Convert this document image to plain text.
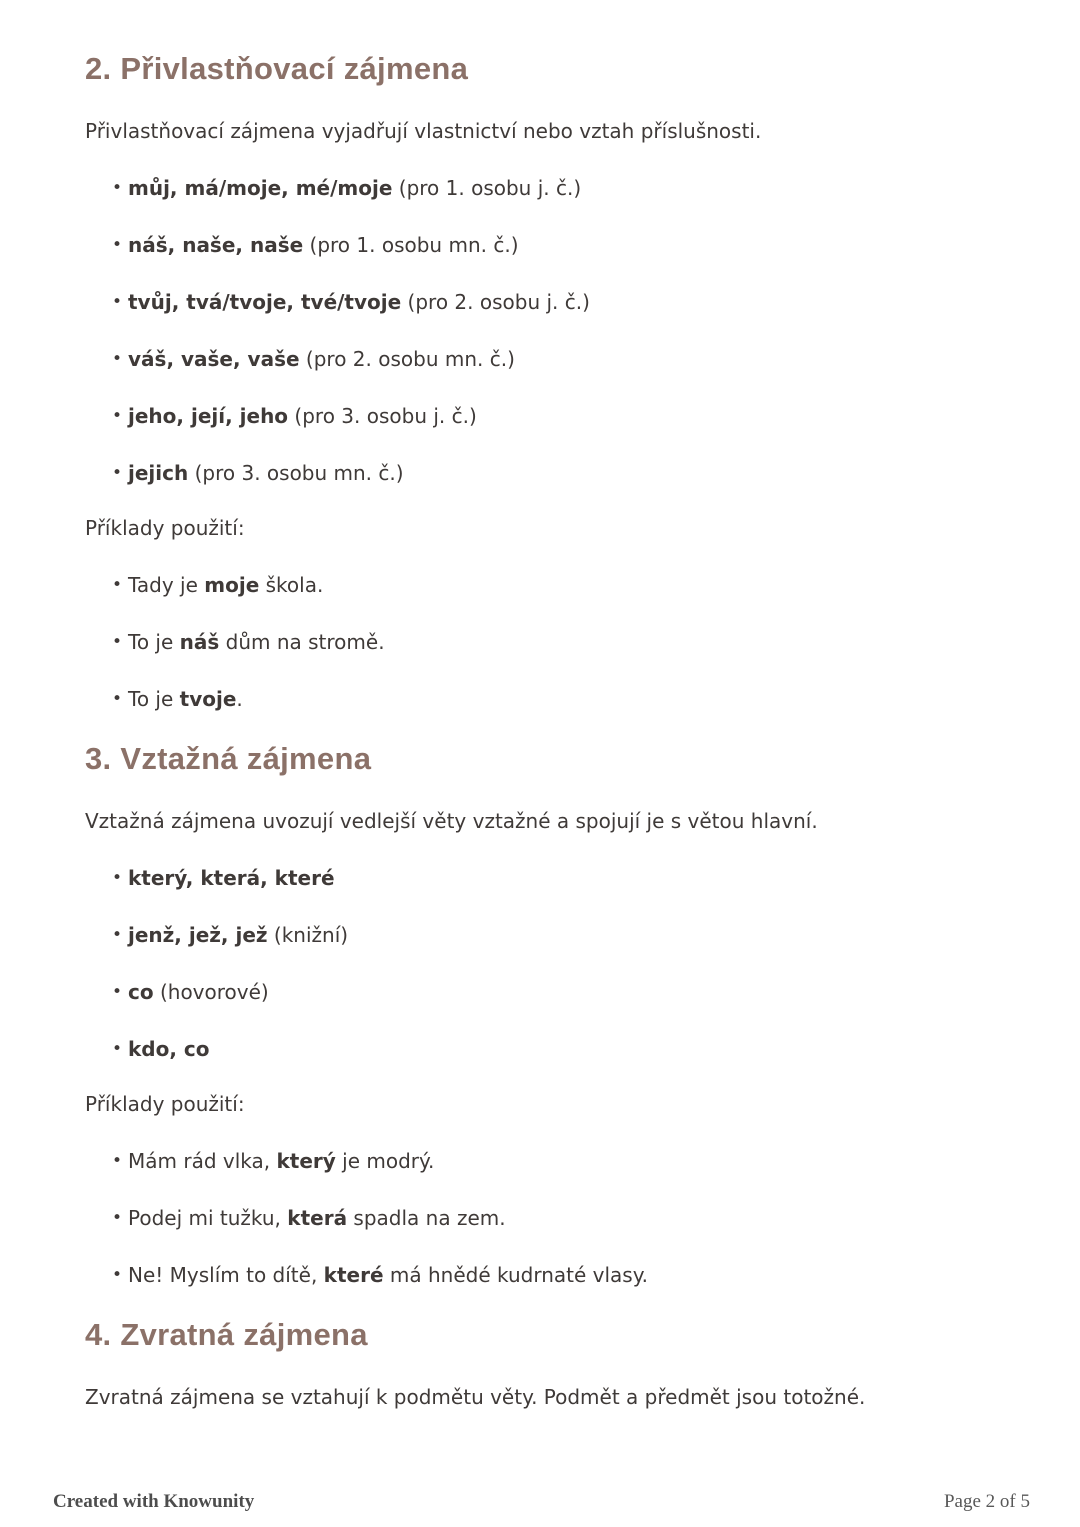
2. Přivlastňovací zájmena

Přivlastňovací zájmena vyjadřují vlastnictví nebo vztah příslušnosti.

• můj, má/moje, mé/moje (pro 1. osobu j. č.)
• náš, naše, naše (pro 1. osobu mn. č.)
• tvůj, tvá/tvoje, tvé/tvoje (pro 2. osobu j. č.)
• váš, vaše, vaše (pro 2. osobu mn. č.)
• jeho, její, jeho (pro 3. osobu j. č.)
• jejich (pro 3. osobu mn. č.)

Příklady použití:

• Tady je moje škola.
• To je náš dům na stromě.
• To je tvoje.
3. Vztažná zájmena

Vztažná zájmena uvozují vedlejší věty vztažné a spojují je s větou hlavní.

• který, která, které
• jenž, jež, jež (knižní)
• co (hovorové)
• kdo, co

Příklady použití:

• Mám rád vlka, který je modrý.
• Podej mi tužku, která spadla na zem.
• Ne! Myslím to dítě, které má hnědé kudrnaté vlasy.
4. Zvratná zájmena

Zvratná zájmena se vztahují k podmětu věty. Podmět a předmět jsou totožné.

Created with Knowunity	Page 2 of 5
